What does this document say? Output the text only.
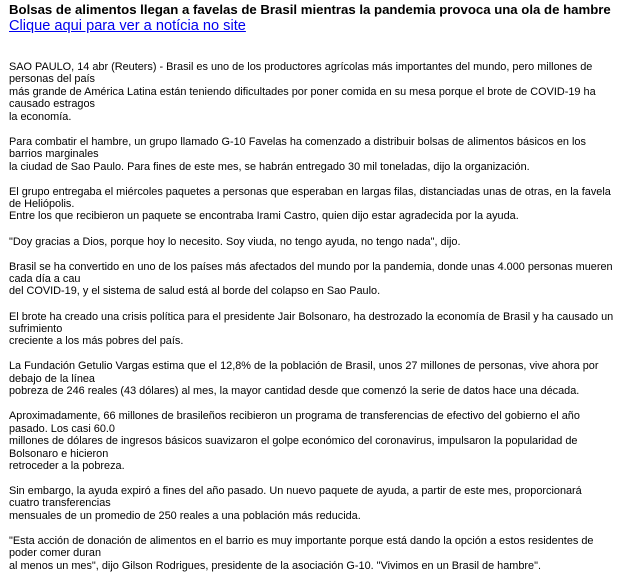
Bolsas de alimentos llegan a favelas de Brasil mientras la pandemia provoca una ola de hambre
Clique aqui para ver a notícia no site

SAO PAULO, 14 abr (Reuters) - Brasil es uno de los productores agrícolas más importantes del mundo, pero millones de personas del país
más grande de América Latina están teniendo dificultades por poner comida en su mesa porque el brote de COVID-19 ha causado estragos
la economía.

Para combatir el hambre, un grupo llamado G-10 Favelas ha comenzado a distribuir bolsas de alimentos básicos en los barrios marginales
la ciudad de Sao Paulo. Para fines de este mes, se habrán entregado 30 mil toneladas, dijo la organización.

El grupo entregaba el miércoles paquetes a personas que esperaban en largas filas, distanciadas unas de otras, en la favela de Heliópolis.
Entre los que recibieron un paquete se encontraba Irami Castro, quien dijo estar agradecida por la ayuda.

"Doy gracias a Dios, porque hoy lo necesito. Soy viuda, no tengo ayuda, no tengo nada", dijo.

Brasil se ha convertido en uno de los países más afectados del mundo por la pandemia, donde unas 4.000 personas mueren cada día a cau
del COVID-19, y el sistema de salud está al borde del colapso en Sao Paulo.

El brote ha creado una crisis política para el presidente Jair Bolsonaro, ha destrozado la economía de Brasil y ha causado un sufrimiento
creciente a los más pobres del país.

La Fundación Getulio Vargas estima que el 12,8% de la población de Brasil, unos 27 millones de personas, vive ahora por debajo de la línea
pobreza de 246 reales (43 dólares) al mes, la mayor cantidad desde que comenzó la serie de datos hace una década.

Aproximadamente, 66 millones de brasileños recibieron un programa de transferencias de efectivo del gobierno el año pasado. Los casi 60.0
millones de dólares de ingresos básicos suavizaron el golpe económico del coronavirus, impulsaron la popularidad de Bolsonaro e hicieron
retroceder a la pobreza.

Sin embargo, la ayuda expiró a fines del año pasado. Un nuevo paquete de ayuda, a partir de este mes, proporcionará cuatro transferencias
mensuales de un promedio de 250 reales a una población más reducida.

"Esta acción de donación de alimentos en el barrio es muy importante porque está dando la opción a estos residentes de poder comer duran
al menos un mes", dijo Gilson Rodrigues, presidente de la asociación G-10. "Vivimos en un Brasil de hambre".
